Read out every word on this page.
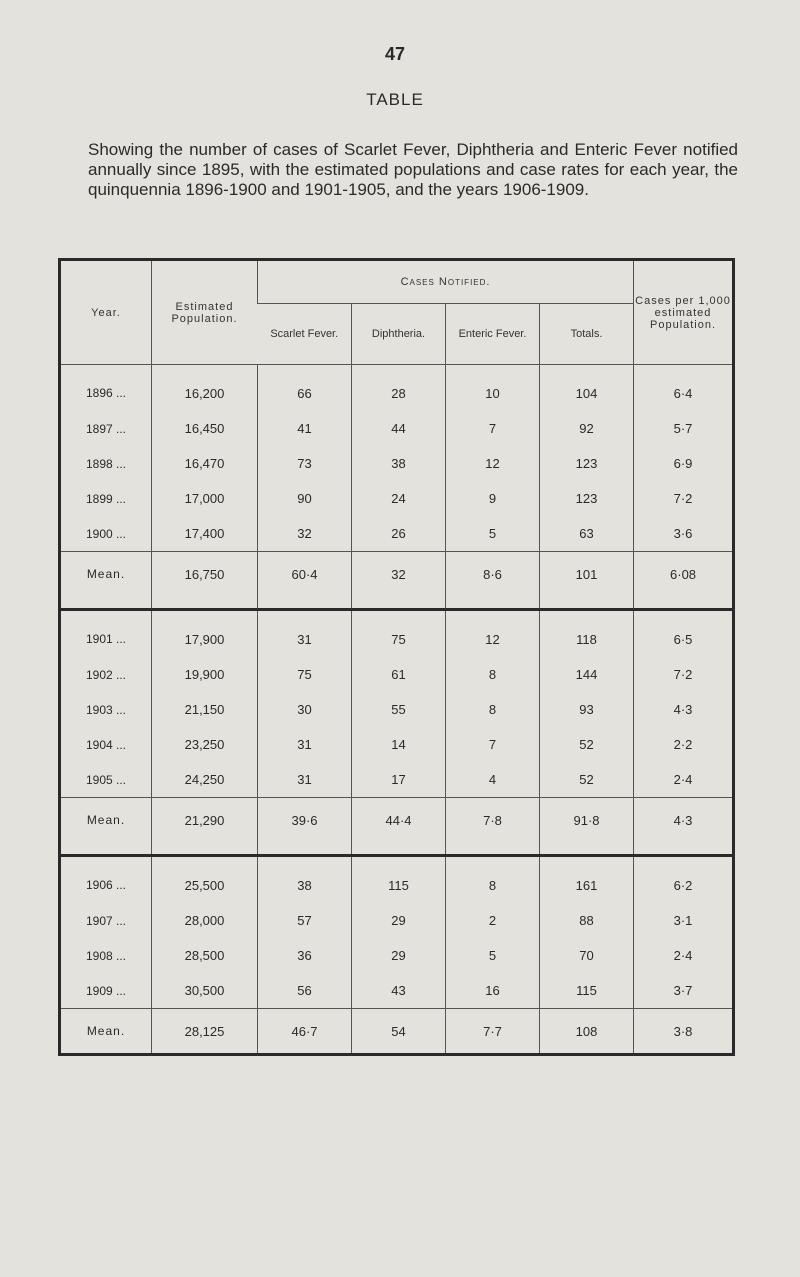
47
TABLE
Showing the number of cases of Scarlet Fever, Diphtheria and Enteric Fever notified annually since 1895, with the estimated populations and case rates for each year, the quinquennia 1896-1900 and 1901-1905, and the years 1906-1909.
Year.	Estimated Population.	Cases Notified.				Cases per 1,000 estimated Population.
		Scarlet Fever.	Diphtheria.	Enteric Fever.	Totals.	
1896 ...	16,200	66	28	10	104	6·4
1897 ...	16,450	41	44	7	92	5·7
1898 ...	16,470	73	38	12	123	6·9
1899 ...	17,000	90	24	9	123	7·2
1900 ...	17,400	32	26	5	63	3·6
Mean.	16,750	60·4	32	8·6	101	6·08

1901 ...	17,900	31	75	12	118	6·5
1902 ...	19,900	75	61	8	144	7·2
1903 ...	21,150	30	55	8	93	4·3
1904 ...	23,250	31	14	7	52	2·2
1905 ...	24,250	31	17	4	52	2·4
Mean.	21,290	39·6	44·4	7·8	91·8	4·3

1906 ...	25,500	38	115	8	161	6·2
1907 ...	28,000	57	29	2	88	3·1
1908 ...	28,500	36	29	5	70	2·4
1909 ...	30,500	56	43	16	115	3·7
Mean.	28,125	46·7	54	7·7	108	3·8
